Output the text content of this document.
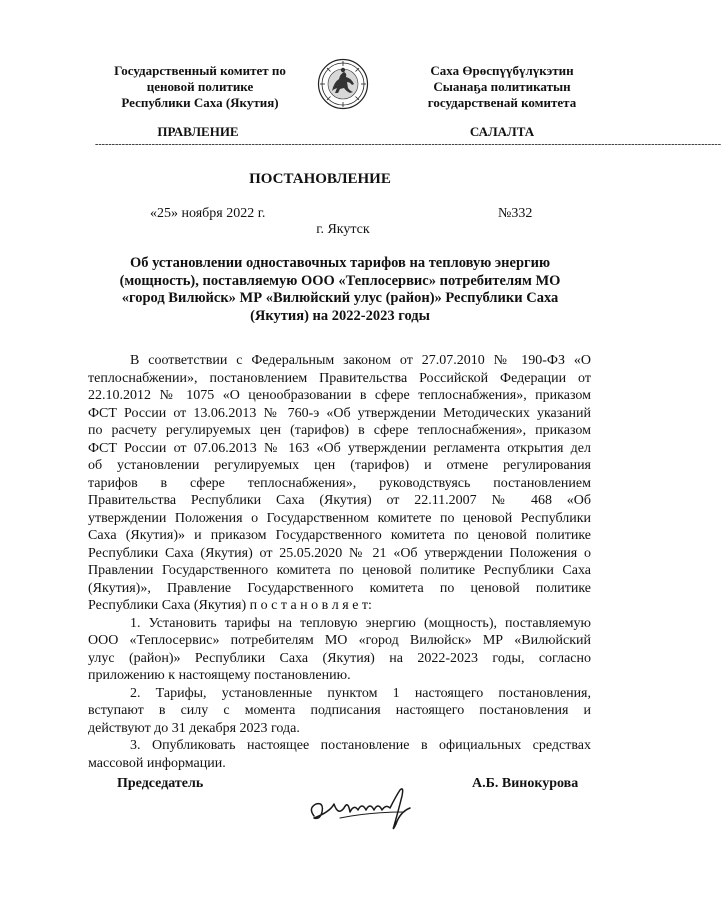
Государственный комитет по
ценовой политике
Республики Саха (Якутия)
Саха Өрөспүүбүлүкэтин
Сыанаҕа политикатын
государственай комитета
ПРАВЛЕНИЕ	САЛАЛТА
--------------------------------------------------------------------------------------------------------------------------------------------------------------------------------------------
ПОСТАНОВЛЕНИЕ
«25» ноября 2022 г.	№332
г. Якутск
Об установлении одноставочных тарифов на тепловую энергию
(мощность), поставляемую ООО «Теплосервис» потребителям МО
«город Вилюйск» МР «Вилюйский улус (район)» Республики Саха
(Якутия) на 2022-2023 годы
В соответствии с Федеральным законом от 27.07.2010 № 190-ФЗ «О
теплоснабжении», постановлением Правительства Российской Федерации от
22.10.2012 № 1075 «О ценообразовании в сфере теплоснабжения», приказом
ФСТ России от 13.06.2013 № 760-э «Об утверждении Методических указаний
по расчету регулируемых цен (тарифов) в сфере теплоснабжения», приказом
ФСТ России от 07.06.2013 № 163 «Об утверждении регламента открытия дел
об установлении регулируемых цен (тарифов) и отмене регулирования
тарифов в сфере теплоснабжения», руководствуясь постановлением
Правительства Республики Саха (Якутия) от 22.11.2007 № 468 «Об
утверждении Положения о Государственном комитете по ценовой Республики
Саха (Якутия)» и приказом Государственного комитета по ценовой политике
Республики Саха (Якутия) от 25.05.2020 № 21 «Об утверждении Положения о
Правлении Государственного комитета по ценовой политике Республики Саха
(Якутия)», Правление Государственного комитета по ценовой политике
Республики Саха (Якутия) п о с т а н о в л я е т:
1. Установить тарифы на тепловую энергию (мощность), поставляемую
ООО «Теплосервис» потребителям МО «город Вилюйск» МР «Вилюйский
улус (район)» Республики Саха (Якутия) на 2022-2023 годы, согласно
приложению к настоящему постановлению.
2. Тарифы, установленные пунктом 1 настоящего постановления,
вступают в силу с момента подписания настоящего постановления и
действуют до 31 декабря 2023 года.
3. Опубликовать настоящее постановление в официальных средствах
массовой информации.
Председатель	А.Б. Винокурова
